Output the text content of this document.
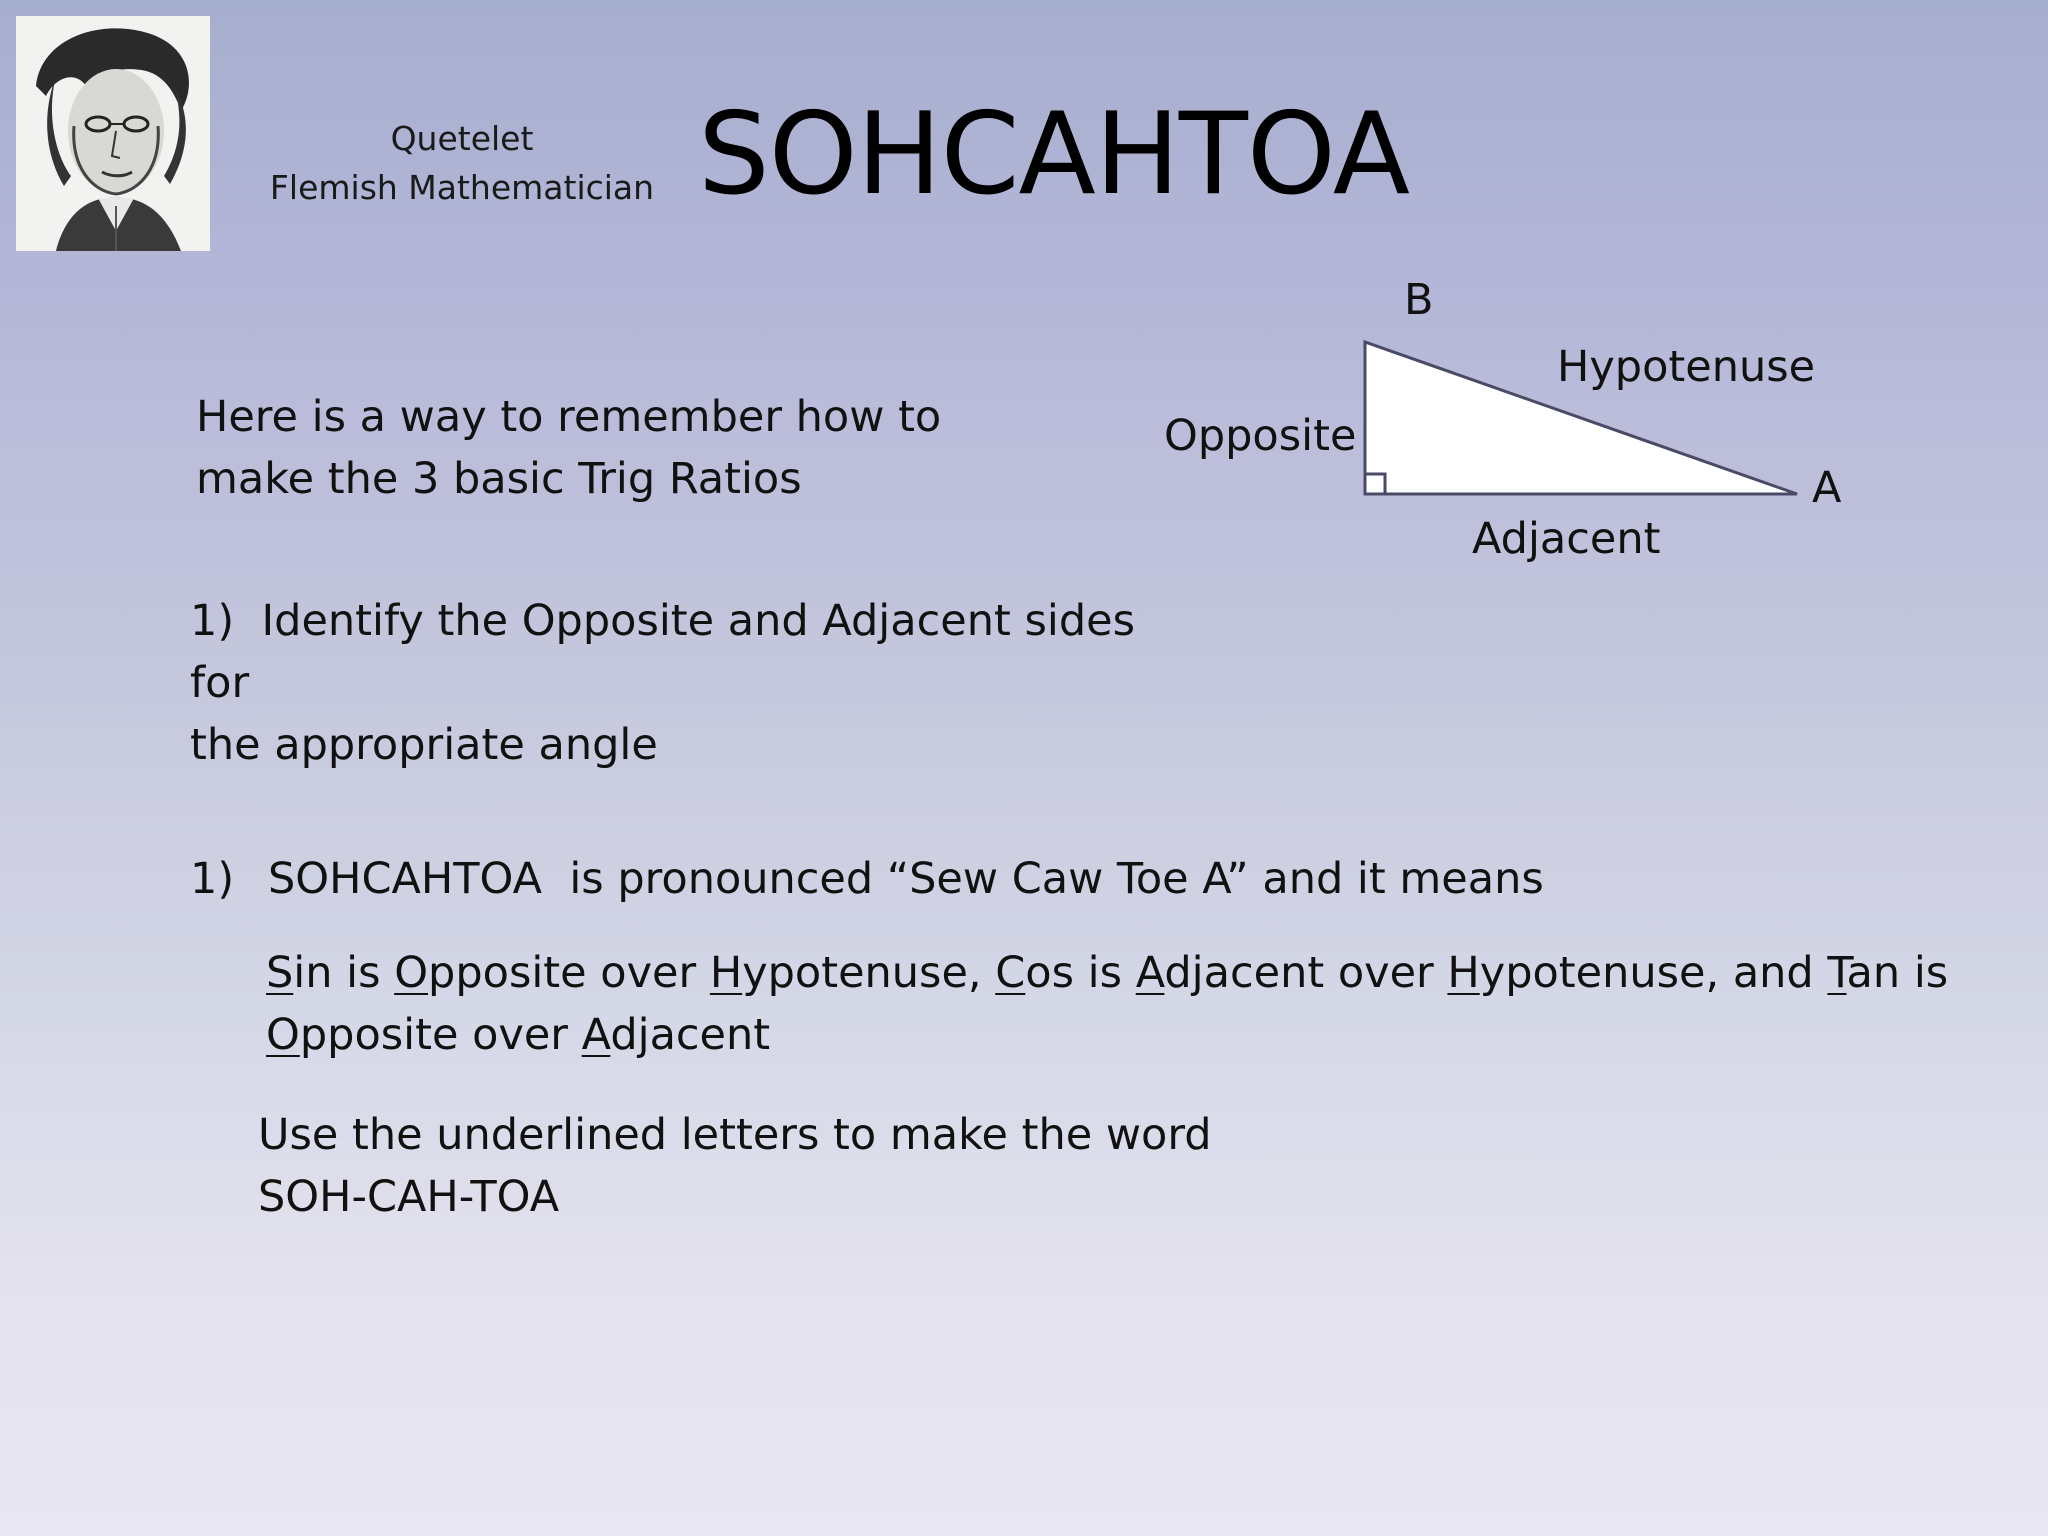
Quetelet
Flemish Mathematician SOHCAHTOA
Here is a way to remember how to
make the 3 basic Trig Ratios
B
Hypotenuse
Opposite
A
Adjacent
1) Identify the Opposite and Adjacent sides for
the appropriate angle
1) SOHCAHTOA  is pronounced “Sew Caw Toe A” and it means
Sin is Opposite over Hypotenuse, Cos is Adjacent over Hypotenuse, and Tan is
Opposite over Adjacent
Use the underlined letters to make the word
SOH-CAH-TOA
